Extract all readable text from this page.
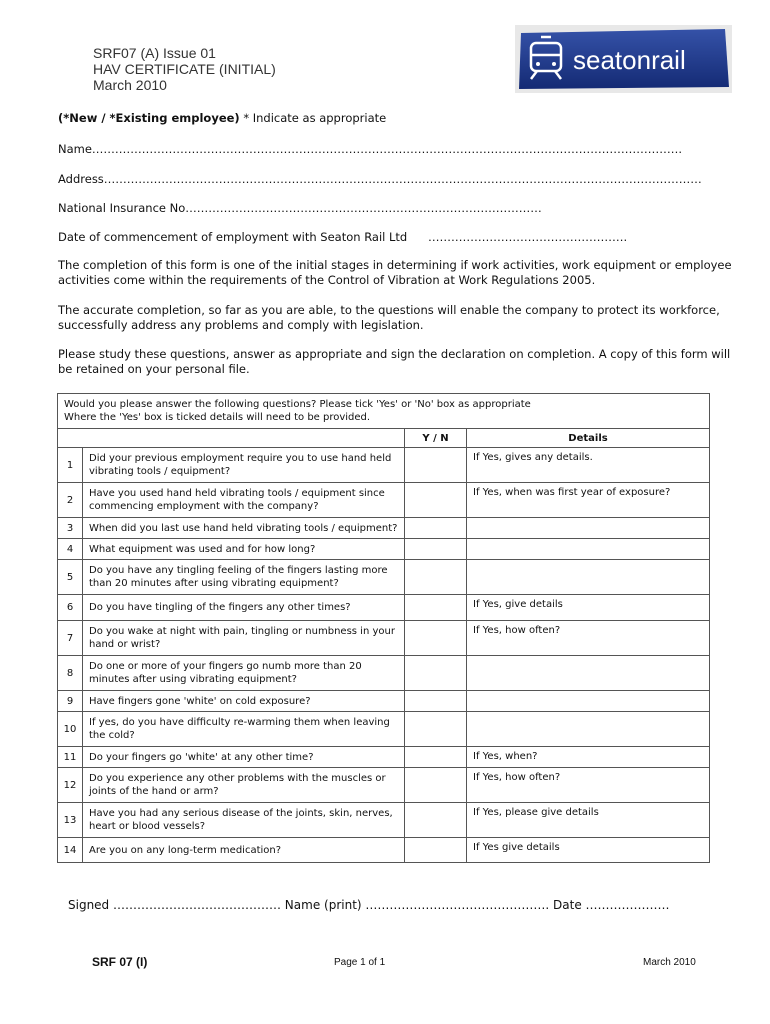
SRF07 (A) Issue 01
HAV CERTIFICATE (INITIAL)
March 2010
seatonrail
(*New / *Existing employee) * Indicate as appropriate
Name……………………………………………………………………………………………………………………………………….
Address…………………………………………………………………………………………………………………………………………
National Insurance No…………………………………………………………………………………
Date of commencement of employment with Seaton Rail Ltd …………………………………………….
The completion of this form is one of the initial stages in determining if work activities, work equipment or employee activities come within the requirements of the Control of Vibration at Work Regulations 2005.
The accurate completion, so far as you are able, to the questions will enable the company to protect its workforce, successfully address any problems and comply with legislation.
Please study these questions, answer as appropriate and sign the declaration on completion. A copy of this form will be retained on your personal file.
Would you please answer the following questions? Please tick 'Yes' or 'No' box as appropriate
Where the 'Yes' box is ticked details will need to be provided.			

		Y / N	Details
1	Did your previous employment require you to use hand held vibrating tools / equipment?		If Yes, gives any details.
2	Have you used hand held vibrating tools / equipment since commencing employment with the company?		If Yes, when was first year of exposure?
3	When did you last use hand held vibrating tools / equipment?		
4	What equipment was used and for how long?		
5	Do you have any tingling feeling of the fingers lasting more than 20 minutes after using vibrating equipment?		
6	Do you have tingling of the fingers any other times?		If Yes, give details
7	Do you wake at night with pain, tingling or numbness in your hand or wrist?		If Yes, how often?
8	Do one or more of your fingers go numb more than 20 minutes after using vibrating equipment?		
9	Have fingers gone 'white' on cold exposure?		
10	If yes, do you have difficulty re-warming them when leaving the cold?		
11	Do your fingers go 'white' at any other time?		If Yes, when?
12	Do you experience any other problems with the muscles or joints of the hand or arm?		If Yes, how often?
13	Have you had any serious disease of the joints, skin, nerves, heart or blood vessels?		If Yes, please give details
14	Are you on any long-term medication?		If Yes give details
Signed …………………………………… Name (print) ………………………………………. Date …………………
SRF 07 (I)	Page 1 of 1	March 2010
